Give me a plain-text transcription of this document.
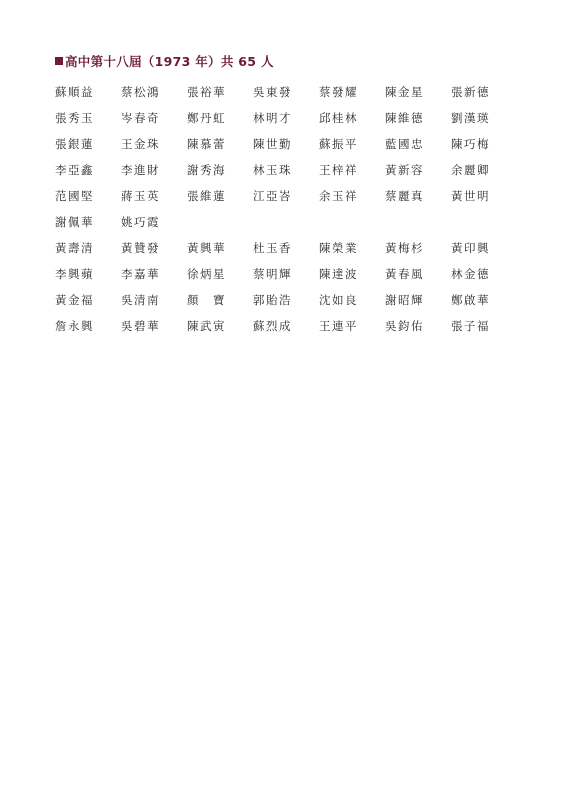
高中第十八屆（1973 年）共 65 人
蘇順益	蔡松鴻	張裕華	吳東發	蔡發耀	陳金星	張新德
張秀玉	岑春奇	鄭丹虹	林明才	邱桂林	陳維德	劉漢瑛
張銀蓮	王金珠	陳慕蕾	陳世勤	蘇振平	藍國忠	陳巧梅
李亞鑫	李進財	謝秀海	林玉珠	王梓祥	黃新容	余麗卿
范國堅	蔣玉英	張維蓮	江亞峇	余玉祥	蔡麗真	黃世明
謝佩華	姚巧霞
黃壽清	黃贊發	黃興華	杜玉香	陳榮業	黃梅杉	黃印興
李興蘋	李嘉華	徐炳星	蔡明輝	陳達波	黃春風	林金德
黃金福	吳清南	顏　寶	郭貽浩	沈如良	謝昭輝	鄭啟華
詹永興	吳碧華	陳武寅	蘇烈成	王連平	吳鈞佑	張子福
